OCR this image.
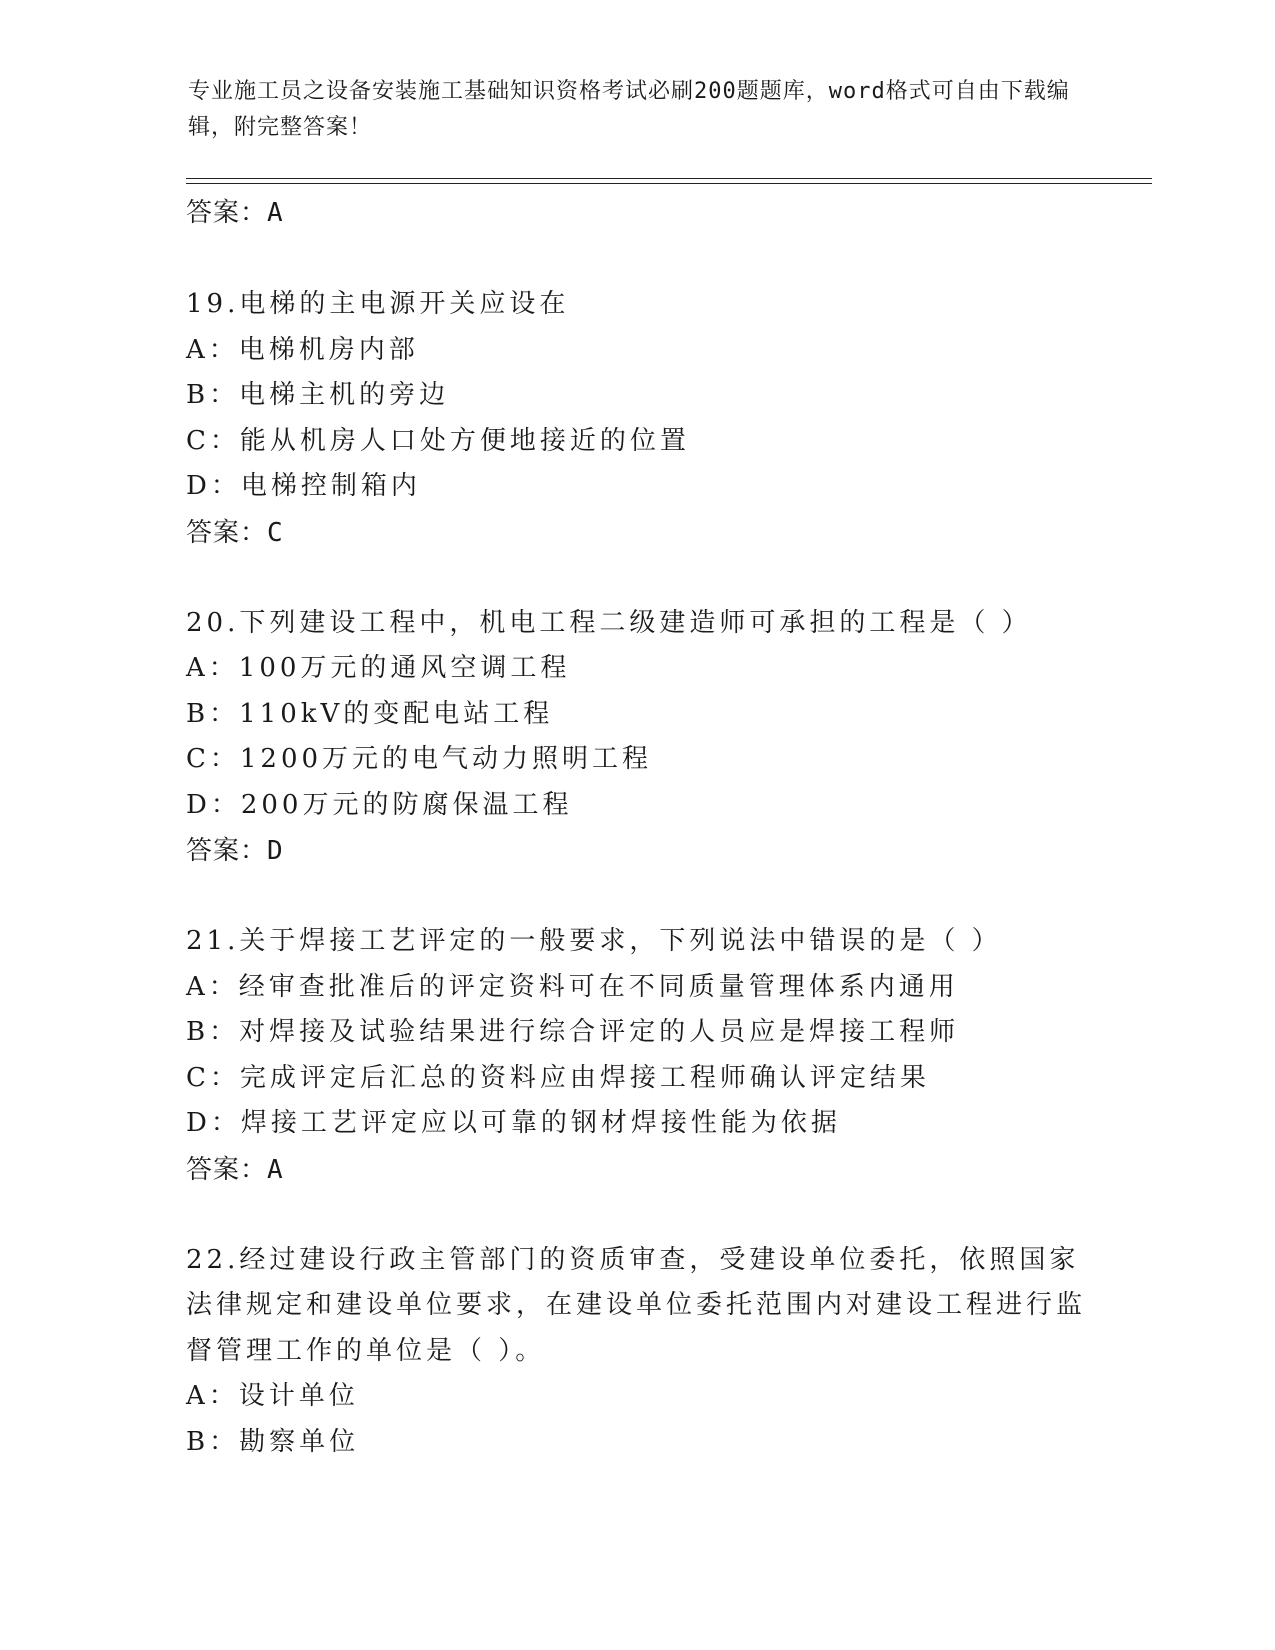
专业施工员之设备安装施工基础知识资格考试必刷200题题库，word格式可自由下载编辑，附完整答案！
答案：A
19.电梯的主电源开关应设在
A：电梯机房内部
B：电梯主机的旁边
C：能从机房人口处方便地接近的位置
D：电梯控制箱内
答案：C
20.下列建设工程中，机电工程二级建造师可承担的工程是（ ）
A：100万元的通风空调工程
B：110kV的变配电站工程
C：1200万元的电气动力照明工程
D：200万元的防腐保温工程
答案：D
21.关于焊接工艺评定的一般要求，下列说法中错误的是（ ）
A：经审查批准后的评定资料可在不同质量管理体系内通用
B：对焊接及试验结果进行综合评定的人员应是焊接工程师
C：完成评定后汇总的资料应由焊接工程师确认评定结果
D：焊接工艺评定应以可靠的钢材焊接性能为依据
答案：A
22.经过建设行政主管部门的资质审查，受建设单位委托，依照国家法律规定和建设单位要求，在建设单位委托范围内对建设工程进行监督管理工作的单位是（ ）。
A：设计单位
B：勘察单位
